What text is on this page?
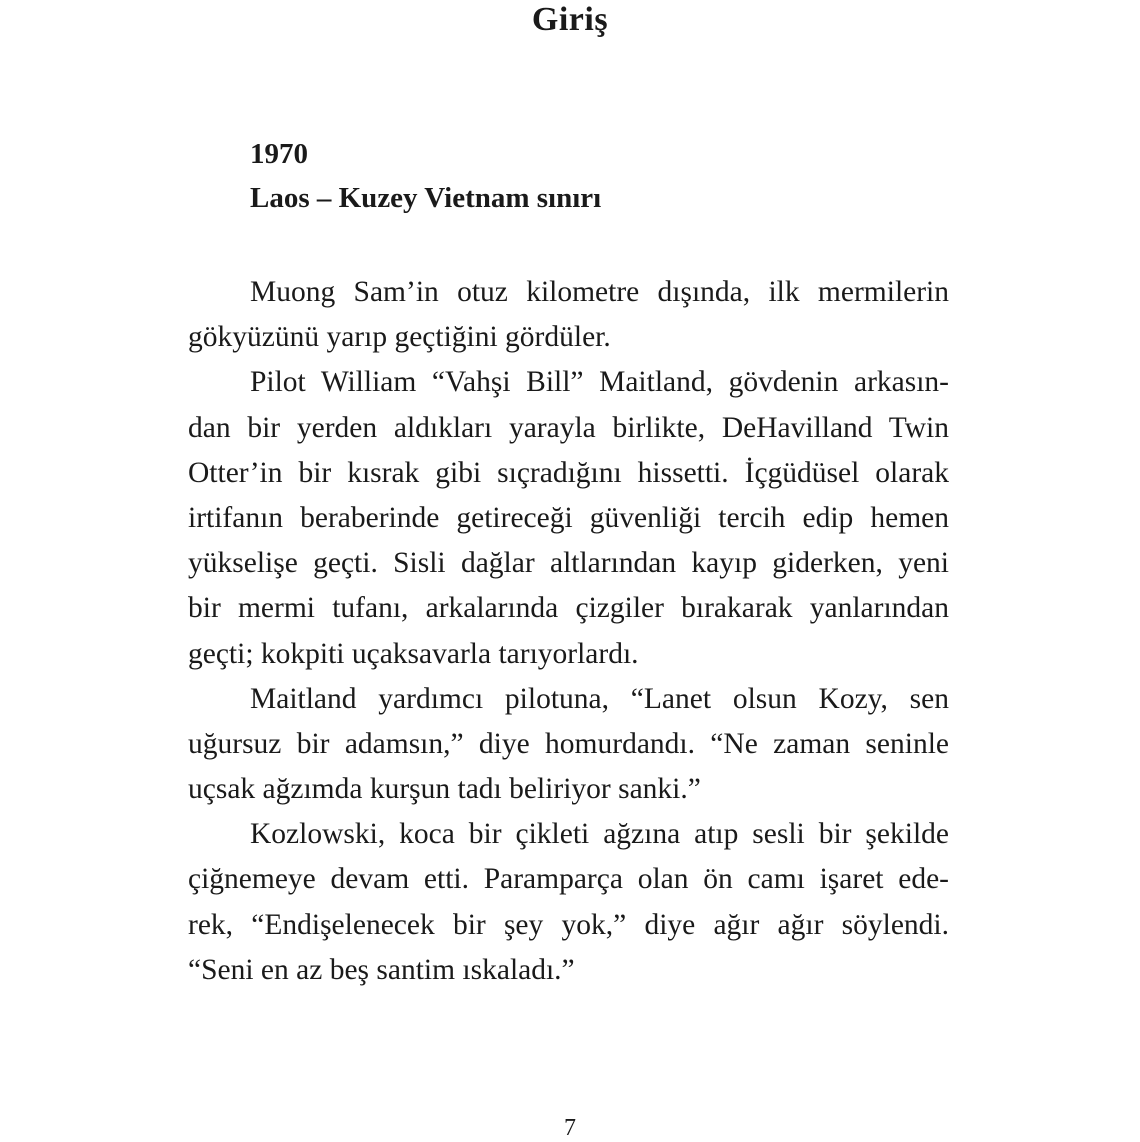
Giriş
1970
Laos – Kuzey Vietnam sınırı
Muong Sam’in otuz kilometre dışında, ilk mermilerin
gökyüzünü yarıp geçtiğini gördüler.
Pilot William “Vahşi Bill” Maitland, gövdenin arkasın-
dan bir yerden aldıkları yarayla birlikte, DeHavilland Twin
Otter’in bir kısrak gibi sıçradığını hissetti. İçgüdüsel olarak
irtifanın beraberinde getireceği güvenliği tercih edip hemen
yükselişe geçti. Sisli dağlar altlarından kayıp giderken, yeni
bir mermi tufanı, arkalarında çizgiler bırakarak yanlarından
geçti; kokpiti uçaksavarla tarıyorlardı.
Maitland yardımcı pilotuna, “Lanet olsun Kozy, sen
uğursuz bir adamsın,” diye homurdandı. “Ne zaman seninle
uçsak ağzımda kurşun tadı beliriyor sanki.”
Kozlowski, koca bir çikleti ağzına atıp sesli bir şekilde
çiğnemeye devam etti. Paramparça olan ön camı işaret ede-
rek, “Endişelenecek bir şey yok,” diye ağır ağır söylendi.
“Seni en az beş santim ıskaladı.”
7
